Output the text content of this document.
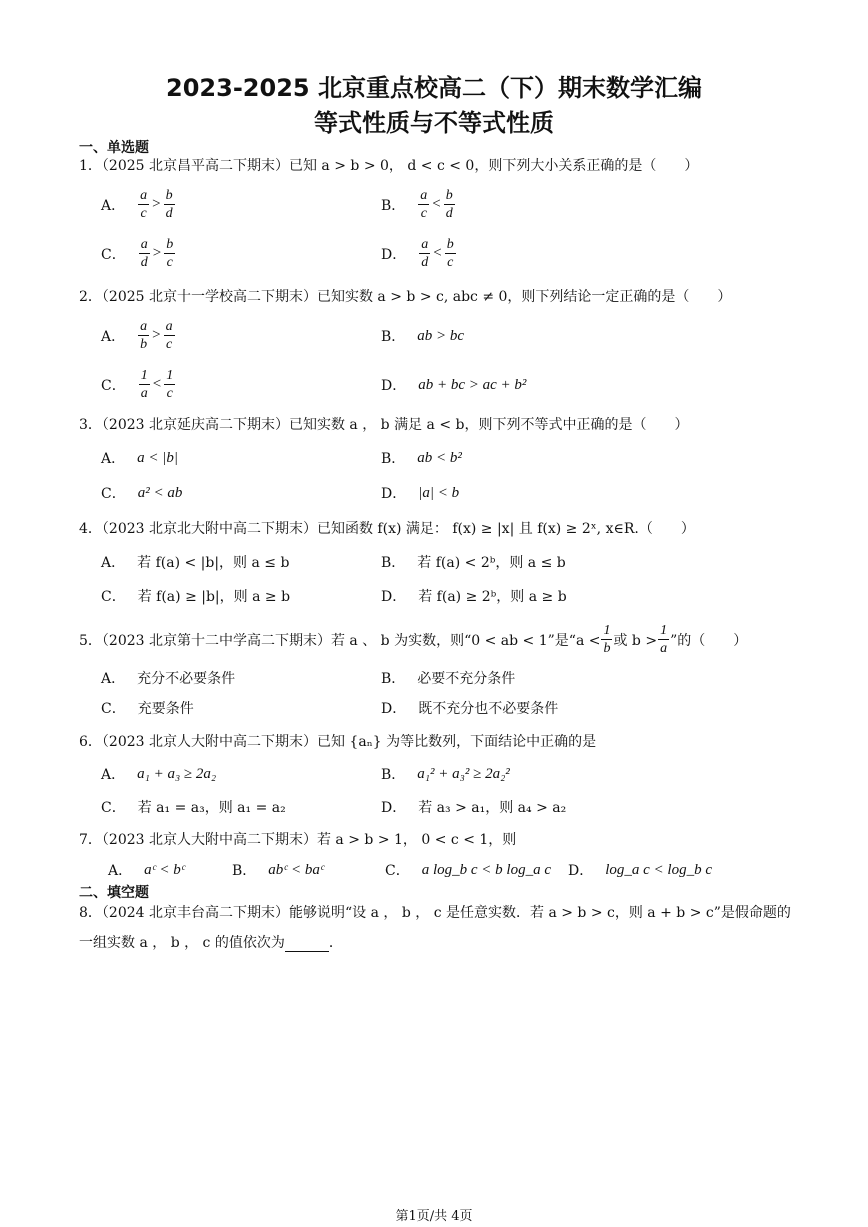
2023-2025 北京重点校高二（下）期末数学汇编
等式性质与不等式性质
一、单选题
1．（2025 北京昌平高二下期末）已知 a > b > 0， d < c < 0，则下列大小关系正确的是（　　）
A． $\frac{a}{c} > \frac{b}{d}$	B． $\frac{a}{c} < \frac{b}{d}$
C． $\frac{a}{d} > \frac{b}{c}$	D． $\frac{a}{d} < \frac{b}{c}$
2．（2025 北京十一学校高二下期末）已知实数 a > b > c, abc ≠ 0，则下列结论一定正确的是（　　）
A． $\frac{a}{b} > \frac{a}{c}$	B． ab > bc
C． $\frac{1}{a} < \frac{1}{c}$	D． ab + bc > ac + b²
3．（2023 北京延庆高二下期末）已知实数 a ， b 满足 a < b，则下列不等式中正确的是（　　）
A． a < |b|	B． ab < b²
C． a² < ab	D． |a| < b
4．（2023 北京北大附中高二下期末）已知函数 f(x) 满足： f(x) ≥ |x| 且 f(x) ≥ 2ˣ, x∈R.（　　）
A． 若 f(a) < |b|，则 a ≤ b	B． 若 f(a) < 2ᵇ，则 a ≤ b
C． 若 f(a) ≥ |b|，则 a ≥ b	D． 若 f(a) ≥ 2ᵇ，则 a ≥ b
5．（2023 北京第十二中学高二下期末）若 a 、 b 为实数，则“0 < ab < 1”是“$a < \frac{1}{b}$ 或 $b > \frac{1}{a}$ ”的（　　）
A． 充分不必要条件	B． 必要不充分条件
C． 充要条件	D． 既不充分也不必要条件
6．（2023 北京人大附中高二下期末）已知 {aₙ} 为等比数列，下面结论中正确的是
A． a₁ + a₃ ≥ 2a₂	B． a₁² + a₃² ≥ 2a₂²
C． 若 a₁ = a₃，则 a₁ = a₂	D． 若 a₃ > a₁，则 a₄ > a₂
7．（2023 北京人大附中高二下期末）若 a > b > 1， 0 < c < 1，则
A． aᶜ < bᶜ	B． abᶜ < baᶜ	C． a log_b c < b log_a c D． log_a c < log_b c
二、填空题
8．（2024 北京丰台高二下期末）能够说明“设 a ， b ， c 是任意实数．若 a > b > c，则 a + b > c”是假命题的
一组实数 a ， b ， c 的值依次为	．
第1页/共 4页
